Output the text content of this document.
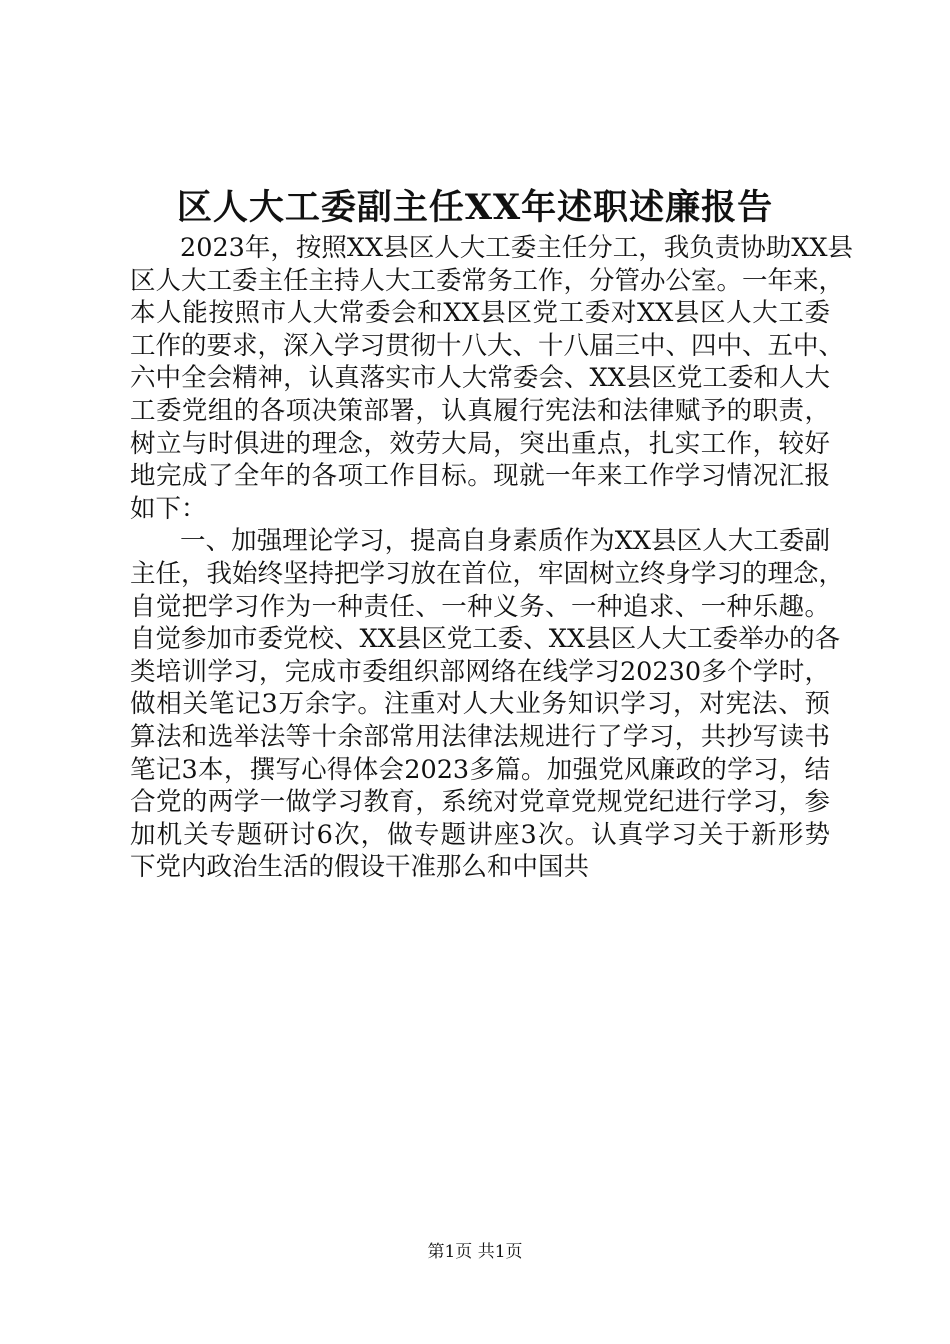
区人大工委副主任XX年述职述廉报告
2023年，按照XX县区人大工委主任分工，我负责协助XX县
区人大工委主任主持人大工委常务工作，分管办公室。一年来，
本人能按照市人大常委会和XX县区党工委对XX县区人大工委
工作的要求，深入学习贯彻十八大、十八届三中、四中、五中、
六中全会精神，认真落实市人大常委会、XX县区党工委和人大
工委党组的各项决策部署，认真履行宪法和法律赋予的职责，
树立与时俱进的理念，效劳大局，突出重点，扎实工作，较好
地完成了全年的各项工作目标。现就一年来工作学习情况汇报
如下：
一、加强理论学习，提高自身素质作为XX县区人大工委副
主任，我始终坚持把学习放在首位，牢固树立终身学习的理念，
自觉把学习作为一种责任、一种义务、一种追求、一种乐趣。
自觉参加市委党校、XX县区党工委、XX县区人大工委举办的各
类培训学习，完成市委组织部网络在线学习20230多个学时，
做相关笔记3万余字。注重对人大业务知识学习，对宪法、预
算法和选举法等十余部常用法律法规进行了学习，共抄写读书
笔记3本，撰写心得体会2023多篇。加强党风廉政的学习，结
合党的两学一做学习教育，系统对党章党规党纪进行学习，参
加机关专题研讨6次，做专题讲座3次。认真学习关于新形势
下党内政治生活的假设干准那么和中国共
第1页 共1页
